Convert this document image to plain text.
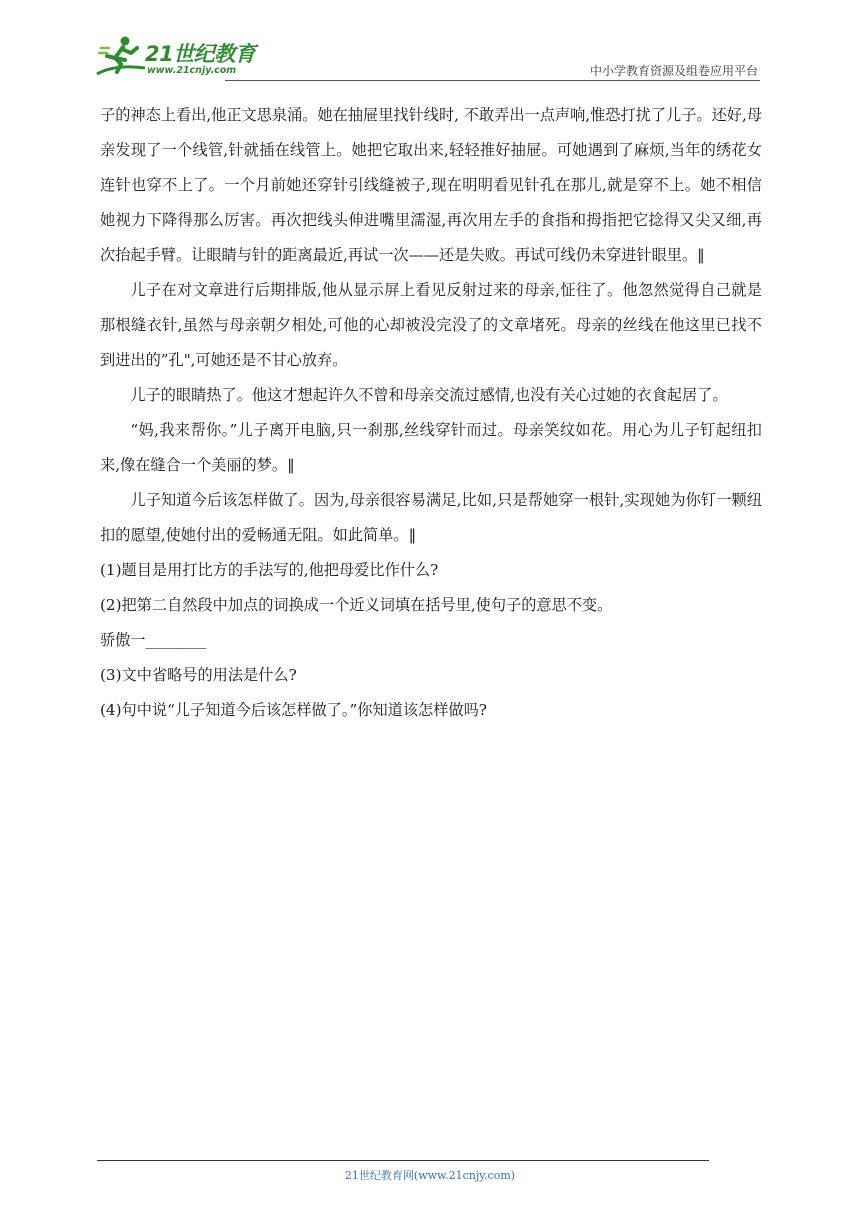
21世纪教育
www.21cnjy.com	中小学教育资源及组卷应用平台

子的神态上看出,他正文思泉涌。她在抽屉里找针线时, 不敢弄出一点声响,惟恐打扰了儿子。还好,母亲发现了一个线管,针就插在线管上。她把它取出来,轻轻推好抽屉。可她遇到了麻烦,当年的绣花女连针也穿不上了。一个月前她还穿针引线缝被子,现在明明看见针孔在那儿,就是穿不上。她不相信她视力下降得那么厉害。再次把线头伸进嘴里濡湿,再次用左手的食指和拇指把它捻得又尖又细,再次抬起手臂。让眼睛与针的距离最近,再试一次——还是失败。再试可线仍未穿进针眼里。‖

儿子在对文章进行后期排版,他从显示屏上看见反射过来的母亲,怔往了。他忽然觉得自己就是那根缝衣针,虽然与母亲朝夕相处,可他的心却被没完没了的文章堵死。母亲的丝线在他这里已找不到进出的”孔",可她还是不甘心放弃。

儿子的眼睛热了。他这才想起许久不曾和母亲交流过感情,也没有关心过她的衣食起居了。

“妈,我来帮你。”儿子离开电脑,只一刹那,丝线穿针而过。母亲笑纹如花。用心为儿子钉起纽扣来,像在缝合一个美丽的梦。‖

儿子知道今后该怎样做了。因为,母亲很容易满足,比如,只是帮她穿一根针,实现她为你钉一颗纽扣的愿望,使她付出的爱畅通无阻。如此简单。‖

(1)题目是用打比方的手法写的,他把母爱比作什么?

(2)把第二自然段中加点的词换成一个近义词填在括号里,使句子的意思不变。

骄傲一________

(3)文中省略号的用法是什么?

(4)句中说“儿子知道今后该怎样做了。”你知道该怎样做吗?

21世纪教育网(www.21cnjy.com)
